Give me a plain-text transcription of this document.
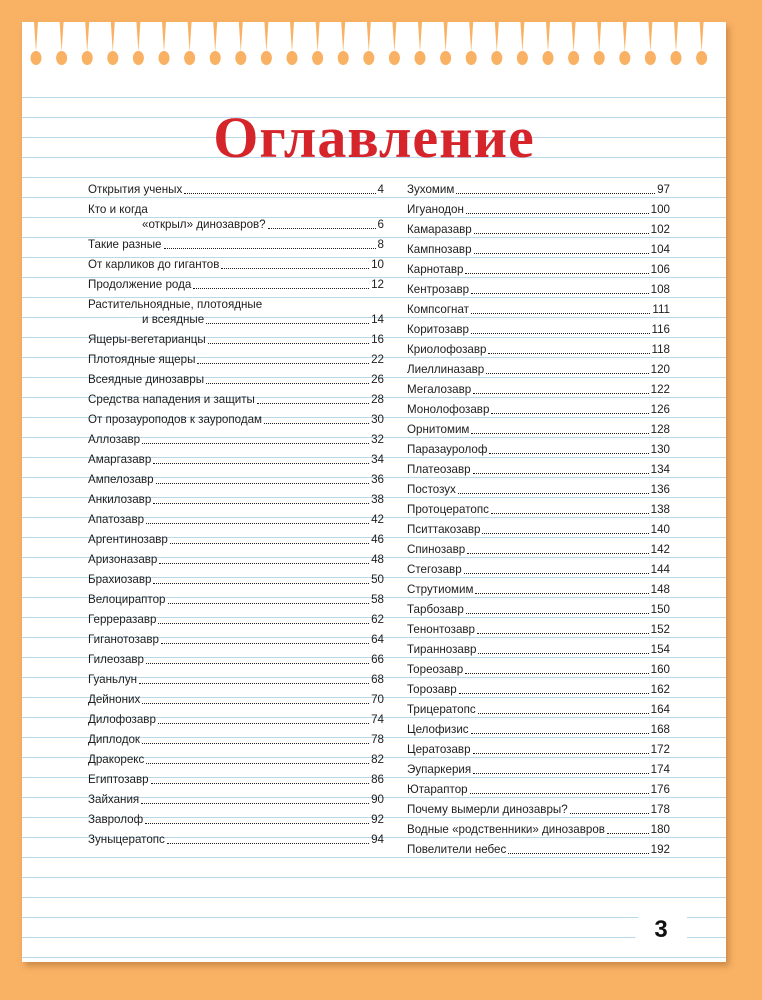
Оглавление
Открытия ученых	4
Кто и когда
«открыл» динозавров?	6
Такие разные	8
От карликов до гигантов	10
Продолжение рода	12
Растительноядные, плотоядные
и всеядные	14
Ящеры-вегетарианцы	16
Плотоядные ящеры	22
Всеядные динозавры	26
Средства нападения и защиты	28
От прозауроподов к зауроподам	30
Аллозавр	32
Амаргазавр	34
Ампелозавр	36
Анкилозавр	38
Апатозавр	42
Аргентинозавр	46
Аризоназавр	48
Брахиозавр	50
Велоцираптор	58
Герреразавр	62
Гиганотозавр	64
Гилеозавр	66
Гуаньлун	68
Дейноних	70
Дилофозавр	74
Диплодок	78
Дракорекс	82
Египтозавр	86
Зайхания	90
Завролоф	92
Зуныцератопс	94
Зухомим	97
Игуанодон	100
Камаразавр	102
Кампнозавр	104
Карнотавр	106
Кентрозавр	108
Компсогнат	111
Коритозавр	116
Криолофозавр	118
Лиеллиназавр	120
Мегалозавр	122
Монолофозавр	126
Орнитомим	128
Паразауролоф	130
Платеозавр	134
Постозух	136
Протоцератопс	138
Пситтакозавр	140
Спинозавр	142
Стегозавр	144
Струтиомим	148
Тарбозавр	150
Тенонтозавр	152
Тираннозавр	154
Тореозавр	160
Торозавр	162
Трицератопс	164
Целофизис	168
Цератозавр	172
Эупаркерия	174
Ютараптор	176
Почему вымерли динозавры?	178
Водные «родственники» динозавров	180
Повелители небес	192
3
